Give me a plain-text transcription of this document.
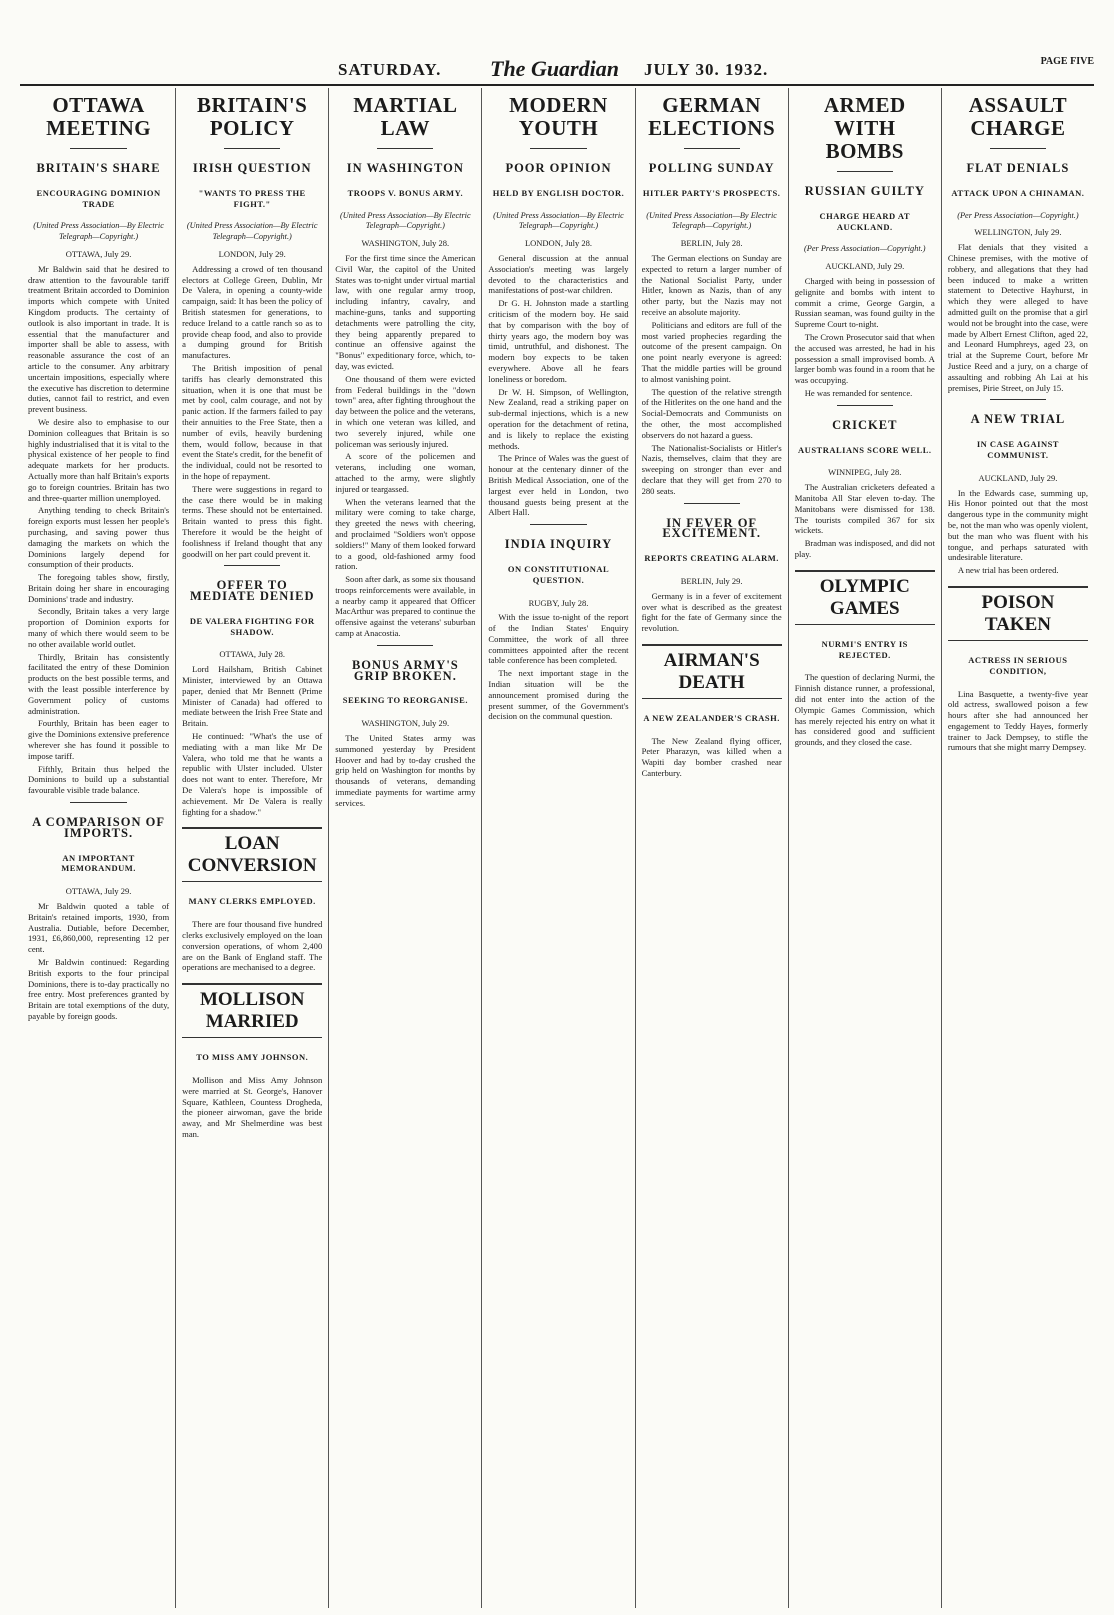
SATURDAY. The Guardian JULY 30. 1932.	PAGE FIVE
OTTAWA MEETING
BRITAIN'S SHARE
ENCOURAGING DOMINION TRADE
(United Press Association—By Electric Telegraph—Copyright.)
OTTAWA, July 29.

Mr Baldwin said that he desired to draw attention to the favourable tariff treatment Britain accorded to Dominion imports which compete with United Kingdom products. The certainty of outlook is also important in trade. It is essential that the manufacturer and importer shall be able to assess, with reasonable assurance the cost of an article to the consumer. Any arbitrary uncertain impositions, especially where the executive has discretion to determine duties, cannot fail to restrict, and even prevent business.

We desire also to emphasise to our Dominion colleagues that Britain is so highly industrialised that it is vital to the physical existence of her people to find adequate markets for her products. Actually more than half Britain's exports go to foreign countries. Britain has two and three-quarter million unemployed.

Anything tending to check Britain's foreign exports must lessen her people's purchasing, and saving power thus damaging the markets on which the Dominions largely depend for consumption of their products.

The foregoing tables show, firstly, Britain doing her share in encouraging Dominions' trade and industry.

Secondly, Britain takes a very large proportion of Dominion exports for many of which there would seem to be no other available world outlet.

Thirdly, Britain has consistently facilitated the entry of these Dominion products on the best possible terms, and with the least possible interference by Government policy of customs administration.

Fourthly, Britain has been eager to give the Dominions extensive preference wherever she has found it possible to impose tariff.

Fifthly, Britain thus helped the Dominions to build up a substantial favourable visible trade balance.

A COMPARISON OF IMPORTS.
AN IMPORTANT MEMORANDUM.
OTTAWA, July 29.

Mr Baldwin quoted a table of Britain's retained imports, 1930, from Australia. Dutiable, before December, 1931, £6,860,000, representing 12 per cent.

Mr Baldwin continued: Regarding British exports to the four principal Dominions, there is to-day practically no free entry. Most preferences granted by Britain are total exemptions of the duty, payable by foreign goods.

BRITAIN'S POLICY
IRISH QUESTION
"WANTS TO PRESS THE FIGHT."
(United Press Association—By Electric Telegraph—Copyright.)
LONDON, July 29.

Addressing a crowd of ten thousand electors at College Green, Dublin, Mr De Valera, in opening a county-wide campaign, said: It has been the policy of British statesmen for generations, to reduce Ireland to a cattle ranch so as to provide cheap food, and also to provide a dumping ground for British manufactures.

The British imposition of penal tariffs has clearly demonstrated this situation, when it is one that must be met by cool, calm courage, and not by panic action. If the farmers failed to pay their annuities to the Free State, then a number of evils, heavily burdening them, would follow, because in that event the State's credit, for the benefit of the individual, could not be resorted to in the hope of repayment.

There were suggestions in regard to the case there would be in making terms. These should not be entertained. Britain wanted to press this fight. Therefore it would be the height of foolishness if Ireland thought that any goodwill on her part could prevent it.

OFFER TO MEDIATE DENIED
DE VALERA FIGHTING FOR SHADOW.
OTTAWA, July 28.

Lord Hailsham, British Cabinet Minister, interviewed by an Ottawa paper, denied that Mr Bennett (Prime Minister of Canada) had offered to mediate between the Irish Free State and Britain.

He continued: "What's the use of mediating with a man like Mr De Valera, who told me that he wants a republic with Ulster included. Ulster does not want to enter. Therefore, Mr De Valera's hope is impossible of achievement. Mr De Valera is really fighting for a shadow."

LOAN CONVERSION
MANY CLERKS EMPLOYED.

There are four thousand five hundred clerks exclusively employed on the loan conversion operations, of whom 2,400 are on the Bank of England staff. The operations are mechanised to a degree.

MOLLISON MARRIED
TO MISS AMY JOHNSON.

Mollison and Miss Amy Johnson were married at St. George's, Hanover Square, Kathleen, Countess Drogheda, the pioneer airwoman, gave the bride away, and Mr Shelmerdine was best man.

MARTIAL LAW
IN WASHINGTON
TROOPS V. BONUS ARMY.
(United Press Association—By Electric Telegraph—Copyright.)
WASHINGTON, July 28.

For the first time since the American Civil War, the capitol of the United States was to-night under virtual martial law, with one regular army troop, including infantry, cavalry, and machine-guns, tanks and supporting detachments were patrolling the city, they being apparently prepared to continue an offensive against the "Bonus" expeditionary force, which, to-day, was evicted.

One thousand of them were evicted from Federal buildings in the "down town" area, after fighting throughout the day between the police and the veterans, in which one veteran was killed, and two severely injured, while one policeman was seriously injured.

A score of the policemen and veterans, including one woman, attached to the army, were slightly injured or teargassed.

When the veterans learned that the military were coming to take charge, they greeted the news with cheering, and proclaimed "Soldiers won't oppose soldiers!" Many of them looked forward to a good, old-fashioned army food ration.

Soon after dark, as some six thousand troops reinforcements were available, in a nearby camp it appeared that Officer MacArthur was prepared to continue the offensive against the veterans' suburban camp at Anacostia.

BONUS ARMY'S GRIP BROKEN.
SEEKING TO REORGANISE.
WASHINGTON, July 29.

The United States army was summoned yesterday by President Hoover and had by to-day crushed the grip held on Washington for months by thousands of veterans, demanding immediate payments for wartime army services.

MODERN YOUTH
POOR OPINION
HELD BY ENGLISH DOCTOR.
(United Press Association—By Electric Telegraph—Copyright.)
LONDON, July 28.

General discussion at the annual Association's meeting was largely devoted to the characteristics and manifestations of post-war children.

Dr G. H. Johnston made a startling criticism of the modern boy. He said that by comparison with the boy of thirty years ago, the modern boy was timid, untruthful, and dishonest. The modern boy expects to be taken everywhere. Above all he fears loneliness or boredom.

Dr W. H. Simpson, of Wellington, New Zealand, read a striking paper on sub-dermal injections, which is a new operation for the detachment of retina, and is likely to replace the existing methods.

The Prince of Wales was the guest of honour at the centenary dinner of the British Medical Association, one of the largest ever held in London, two thousand guests being present at the Albert Hall.

INDIA INQUIRY
ON CONSTITUTIONAL QUESTION.
RUGBY, July 28.

With the issue to-night of the report of the Indian States' Enquiry Committee, the work of all three committees appointed after the recent table conference has been completed.

The next important stage in the Indian situation will be the announcement promised during the present summer, of the Government's decision on the communal question.

GERMAN ELECTIONS
POLLING SUNDAY
HITLER PARTY'S PROSPECTS.
(United Press Association—By Electric Telegraph—Copyright.)
BERLIN, July 28.

The German elections on Sunday are expected to return a larger number of the National Socialist Party, under Hitler, known as Nazis, than of any other party, but the Nazis may not receive an absolute majority.

Politicians and editors are full of the most varied prophecies regarding the outcome of the present campaign. On one point nearly everyone is agreed: That the middle parties will be ground to almost vanishing point.

The question of the relative strength of the Hitlerites on the one hand and the Social-Democrats and Communists on the other, the most accomplished observers do not hazard a guess.

The Nationalist-Socialists or Hitler's Nazis, themselves, claim that they are sweeping on stronger than ever and declare that they will get from 270 to 280 seats.

IN FEVER OF EXCITEMENT.
REPORTS CREATING ALARM.
BERLIN, July 29.

Germany is in a fever of excitement over what is described as the greatest fight for the fate of Germany since the revolution.

AIRMAN'S DEATH
A NEW ZEALANDER'S CRASH.

The New Zealand flying officer, Peter Pharazyn, was killed when a Wapiti day bomber crashed near Canterbury.

ARMED WITH BOMBS
RUSSIAN GUILTY
CHARGE HEARD AT AUCKLAND.
(Per Press Association—Copyright.)
AUCKLAND, July 29.

Charged with being in possession of gelignite and bombs with intent to commit a crime, George Gargin, a Russian seaman, was found guilty in the Supreme Court to-night.

The Crown Prosecutor said that when the accused was arrested, he had in his possession a small improvised bomb. A larger bomb was found in a room that he was occupying.

He was remanded for sentence.

CRICKET
AUSTRALIANS SCORE WELL.
WINNIPEG, July 28.

The Australian cricketers defeated a Manitoba All Star eleven to-day. The Manitobans were dismissed for 138. The tourists compiled 367 for six wickets.

Bradman was indisposed, and did not play.

OLYMPIC GAMES
NURMI'S ENTRY IS REJECTED.

The question of declaring Nurmi, the Finnish distance runner, a professional, did not enter into the action of the Olympic Games Commission, which has merely rejected his entry on what it has considered good and sufficient grounds, and they closed the case.

ASSAULT CHARGE
FLAT DENIALS
ATTACK UPON A CHINAMAN.
(Per Press Association—Copyright.)
WELLINGTON, July 29.

Flat denials that they visited a Chinese premises, with the motive of robbery, and allegations that they had been induced to make a written statement to Detective Hayhurst, in which they were alleged to have admitted guilt on the promise that a girl would not be brought into the case, were made by Albert Ernest Clifton, aged 22, and Leonard Humphreys, aged 23, on trial at the Supreme Court, before Mr Justice Reed and a jury, on a charge of assaulting and robbing Ah Lai at his premises, Pirie Street, on July 15.

A NEW TRIAL
IN CASE AGAINST COMMUNIST.
AUCKLAND, July 29.

In the Edwards case, summing up, His Honor pointed out that the most dangerous type in the community might be, not the man who was openly violent, but the man who was fluent with his tongue, and perhaps saturated with undesirable literature.

A new trial has been ordered.

POISON TAKEN
ACTRESS IN SERIOUS CONDITION,

Lina Basquette, a twenty-five year old actress, swallowed poison a few hours after she had announced her engagement to Teddy Hayes, formerly trainer to Jack Dempsey, to stifle the rumours that she might marry Dempsey.
